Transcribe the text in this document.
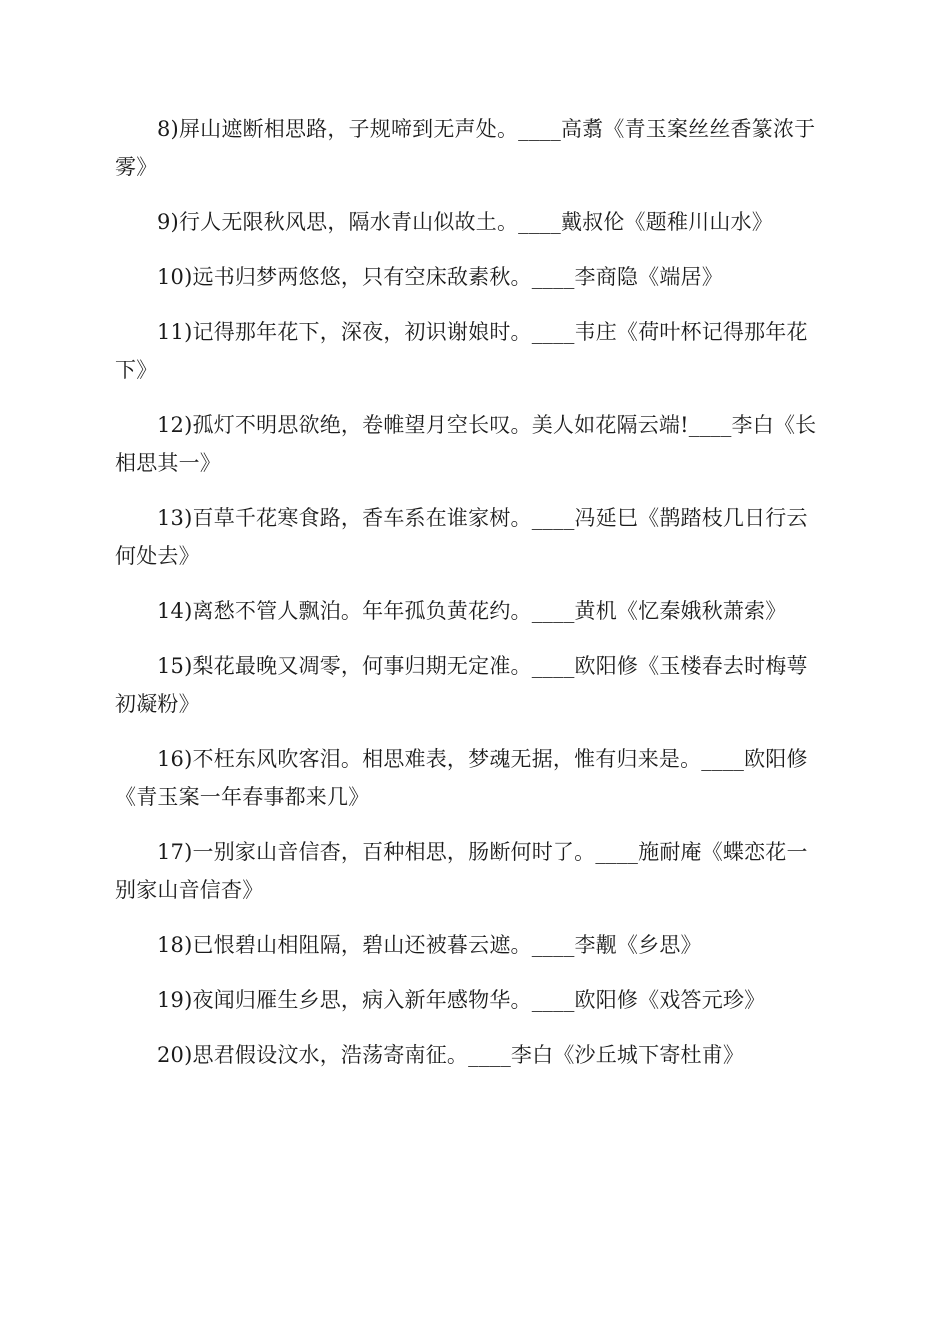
8)屏山遮断相思路，子规啼到无声处。____高翥《青玉案丝丝香篆浓于雾》

9)行人无限秋风思，隔水青山似故土。____戴叔伦《题稚川山水》

10)远书归梦两悠悠，只有空床敌素秋。____李商隐《端居》

11)记得那年花下，深夜，初识谢娘时。____韦庄《荷叶杯记得那年花下》

12)孤灯不明思欲绝，卷帷望月空长叹。美人如花隔云端!____李白《长相思其一》

13)百草千花寒食路，香车系在谁家树。____冯延巳《鹊踏枝几日行云何处去》

14)离愁不管人飘泊。年年孤负黄花约。____黄机《忆秦娥秋萧索》

15)梨花最晚又凋零，何事归期无定准。____欧阳修《玉楼春去时梅萼初凝粉》

16)不枉东风吹客泪。相思难表，梦魂无据，惟有归来是。____欧阳修《青玉案一年春事都来几》

17)一别家山音信杳，百种相思，肠断何时了。____施耐庵《蝶恋花一别家山音信杳》

18)已恨碧山相阻隔，碧山还被暮云遮。____李觏《乡思》

19)夜闻归雁生乡思，病入新年感物华。____欧阳修《戏答元珍》

20)思君假设汶水，浩荡寄南征。____李白《沙丘城下寄杜甫》
